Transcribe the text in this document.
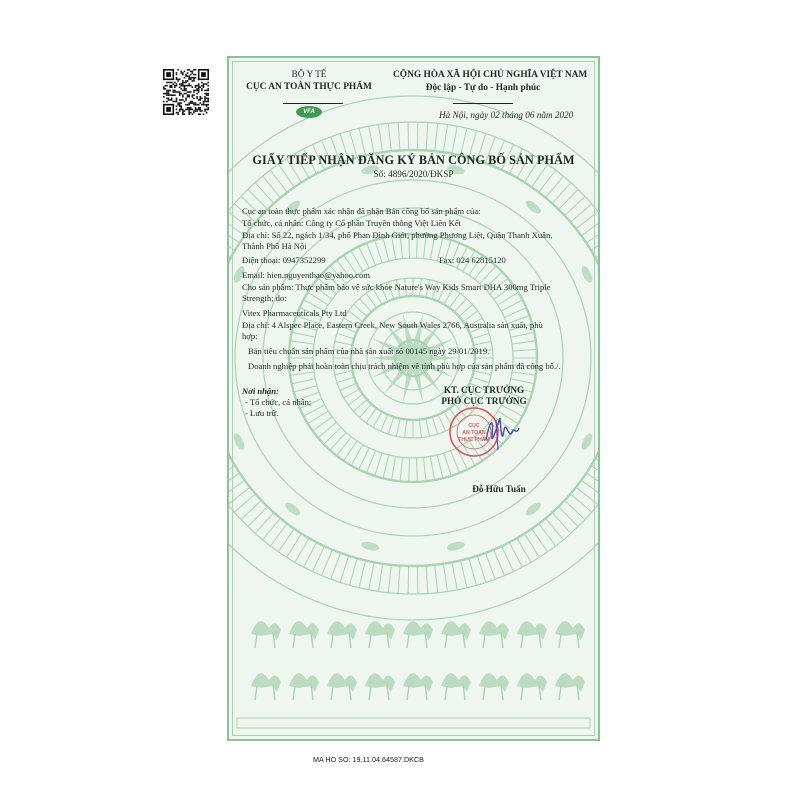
BỘ Y TẾ
CỤC AN TOÀN THỰC PHẨM
VFA
CỘNG HÒA XÃ HỘI CHỦ NGHĨA VIỆT NAM
Độc lập - Tự do - Hạnh phúc
Hà Nội, ngày 02 tháng 06 năm 2020
GIẤY TIẾP NHẬN ĐĂNG KÝ BẢN CÔNG BỐ SẢN PHẨM
Số: 4896/2020/ĐKSP
Cục an toàn thực phẩm xác nhận đã nhận Bản công bố sản phẩm của:
Tổ chức, cá nhân: Công ty Cổ phần Truyền thông Việt Liên Kết
Địa chỉ: Số 22, ngách 1/34, phố Phan Đình Giót, phường Phương Liệt, Quận Thanh Xuân,
Thành Phố Hà Nội
Điện thoại: 0947352299	Fax: 024 62815120
Email: hien.nguyenthao@yahoo.com
Cho sản phẩm: Thực phẩm bảo vệ sức khỏe Nature's Way Kids Smart DHA 300mg Triple
Strength; do:
Vitex Pharmaceuticals Pty Ltd
Địa chỉ: 4 Alspec Place, Eastern Creek, New South Wales 2766, Australia sản xuất, phù
hợp:
Bản tiêu chuẩn sản phẩm của nhà sản xuất số 00145 ngày 29/01/2019.
Doanh nghiệp phải hoàn toàn chịu trách nhiệm về tính phù hợp của sản phẩm đã công bố./.
Nơi nhận:
- Tổ chức, cá nhân;
- Lưu trữ.
KT. CỤC TRƯỞNG
PHÓ CỤC TRƯỞNG
CỤC
AN TOÀN
THỰC PHẨM
Đỗ Hữu Tuấn
MA HO SO: 19.11.04.64587.DKCB
